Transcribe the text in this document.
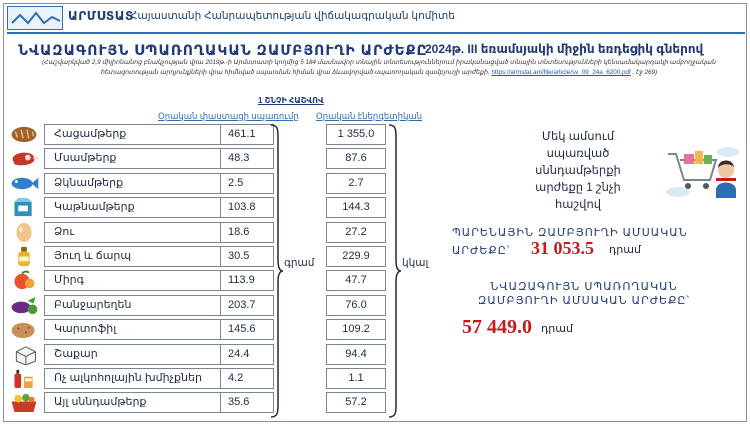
ԱՐՄՍՏԱՏ
Հայաստանի Հանրապետության վիճակագրական կոմիտե
ՆՎԱԶԱԳՈՒՅՆ ՍՊԱՌՈՂԱԿԱՆ ԶԱՄԲՅՈՒՂԻ ԱՐԺԵՔԸ
2024թ. III եռամսյակի միջին եռդեցիկ գներով
(Հաշվարկված 2,9 միլիոնանոց բնակչության վրա 2019թ.-ի Արմստատի կողմից 5 184 մասնավոր տնային տնտեսություններում իրականացված տնային տնտեսությունների կենսամակարդակի ամբողջական հետազոտության արդյունքների վրա հիմնված սպառման հիման վրա ձևավորված սպառողական զամբյուղի արժեքի. https://armstat.am/file/article/sv_09_24a_6200.pdf , էջ 269)
1 ՇՆՉԻ ՀԱՇՎՈՎ
Օրական փաստացի սպառումը Օրական էներգետիկան
Հացամթերք	461.1	1 355.0
Մսամթերք	48.3	87.6
Ձկնամթերք	2.5	2.7
Կաթնամթերք	103.8	144.3
Ձու	18.6	27.2
Յուղ և ճարպ	30.5	229.9
Միրգ	113.9	47.7
Բանջարեղեն	203.7	76.0
Կարտոֆիլ	145.6	109.2
Շաքար	24.4	94.4
Ոչ ալկոհոլային խմիչքներ	4.2	1.1
Այլ սննդամթերք	35.6	57.2
գրամ	կկալ
Մեկ ամսում
սպառված
սննդամթերքի
արժեքը 1 շնչի
հաշվով
ՊԱՐԵՆԱՅԻՆ ԶԱՄԲՅՈՒՂԻ ԱՄՍԱԿԱՆ
ԱՐԺԵՔԸ՝ 31 053.5 դրամ
ՆՎԱԶԱԳՈՒՅՆ ՍՊԱՌՈՂԱԿԱՆ
ԶԱՄԲՅՈՒՂԻ ԱՄՍԱԿԱՆ ԱՐԺԵՔԸ՝
57 449.0 դրամ
